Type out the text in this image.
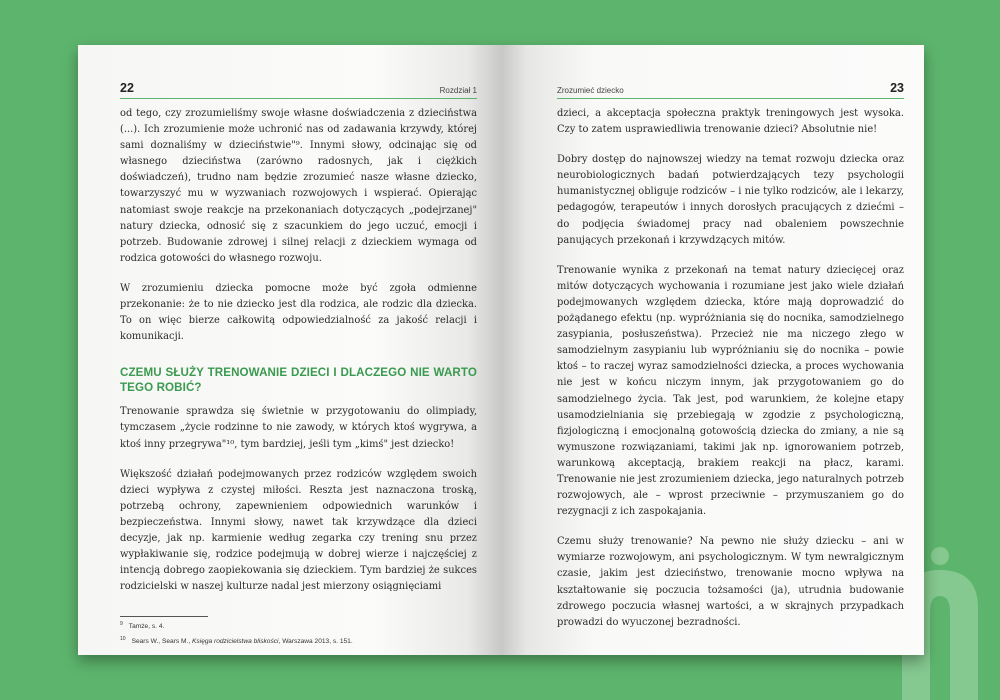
22	Rozdział 1

od tego, czy zrozumieliśmy swoje własne doświadczenia z dzieciństwa (...). Ich zrozumienie może uchronić nas od zadawania krzywdy, której sami doznaliśmy w dzieciństwie"⁹. Innymi słowy, odcinając się od własnego dzieciństwa (zarówno radosnych, jak i ciężkich doświadczeń), trudno nam będzie zrozumieć nasze własne dziecko, towarzyszyć mu w wyzwaniach rozwojowych i wspierać. Opierając natomiast swoje reakcje na przekonaniach dotyczących „podejrzanej" natury dziecka, odnosić się z szacunkiem do jego uczuć, emocji i potrzeb. Budowanie zdrowej i silnej relacji z dzieckiem wymaga od rodzica gotowości do własnego rozwoju.

W zrozumieniu dziecka pomocne może być zgoła odmienne przekonanie: że to nie dziecko jest dla rodzica, ale rodzic dla dziecka. To on więc bierze całkowitą odpowiedzialność za jakość relacji i komunikacji.

CZEMU SŁUŻY TRENOWANIE DZIECI I DLACZEGO NIE WARTO TEGO ROBIĆ?

Trenowanie sprawdza się świetnie w przygotowaniu do olimpiady, tymczasem „życie rodzinne to nie zawody, w których ktoś wygrywa, a ktoś inny przegrywa"¹⁰, tym bardziej, jeśli tym „kimś" jest dziecko!

Większość działań podejmowanych przez rodziców względem swoich dzieci wypływa z czystej miłości. Reszta jest naznaczona troską, potrzebą ochrony, zapewnieniem odpowiednich warunków i bezpieczeństwa. Innymi słowy, nawet tak krzywdzące dla dzieci decyzje, jak np. karmienie według zegarka czy trening snu przez wypłakiwanie się, rodzice podejmują w dobrej wierze i najczęściej z intencją dobrego zaopiekowania się dzieckiem. Tym bardziej że sukces rodzicielski w naszej kulturze nadal jest mierzony osiągnięciami

$^9$ Tamże, s. 4.
$^{10}$ Sears W., Sears M., Księga rodzicielstwa bliskości, Warszawa 2013, s. 151.
Zrozumieć dziecko	23

dzieci, a akceptacja społeczna praktyk treningowych jest wysoka. Czy to zatem usprawiedliwia trenowanie dzieci? Absolutnie nie!

Dobry dostęp do najnowszej wiedzy na temat rozwoju dziecka oraz neurobiologicznych badań potwierdzających tezy psychologii humanistycznej obliguje rodziców – i nie tylko rodziców, ale i lekarzy, pedagogów, terapeutów i innych dorosłych pracujących z dziećmi – do podjęcia świadomej pracy nad obaleniem powszechnie panujących przekonań i krzywdzących mitów.

Trenowanie wynika z przekonań na temat natury dziecięcej oraz mitów dotyczących wychowania i rozumiane jest jako wiele działań podejmowanych względem dziecka, które mają doprowadzić do pożądanego efektu (np. wypróżniania się do nocnika, samodzielnego zasypiania, posłuszeństwa). Przecież nie ma niczego złego w samodzielnym zasypianiu lub wypróżnianiu się do nocnika – powie ktoś – to raczej wyraz samodzielności dziecka, a proces wychowania nie jest w końcu niczym innym, jak przygotowaniem go do samodzielnego życia. Tak jest, pod warunkiem, że kolejne etapy usamodzielniania się przebiegają w zgodzie z psychologiczną, fizjologiczną i emocjonalną gotowością dziecka do zmiany, a nie są wymuszone rozwiązaniami, takimi jak np. ignorowaniem potrzeb, warunkową akceptacją, brakiem reakcji na płacz, karami. Trenowanie nie jest zrozumieniem dziecka, jego naturalnych potrzeb rozwojowych, ale – wprost przeciwnie – przymuszaniem go do rezygnacji z ich zaspokajania.

Czemu służy trenowanie? Na pewno nie służy dziecku – ani w wymiarze rozwojowym, ani psychologicznym. W tym newralgicznym czasie, jakim jest dzieciństwo, trenowanie mocno wpływa na kształtowanie się poczucia tożsamości (ja), utrudnia budowanie zdrowego poczucia własnej wartości, a w skrajnych przypadkach prowadzi do wyuczonej bezradności.
